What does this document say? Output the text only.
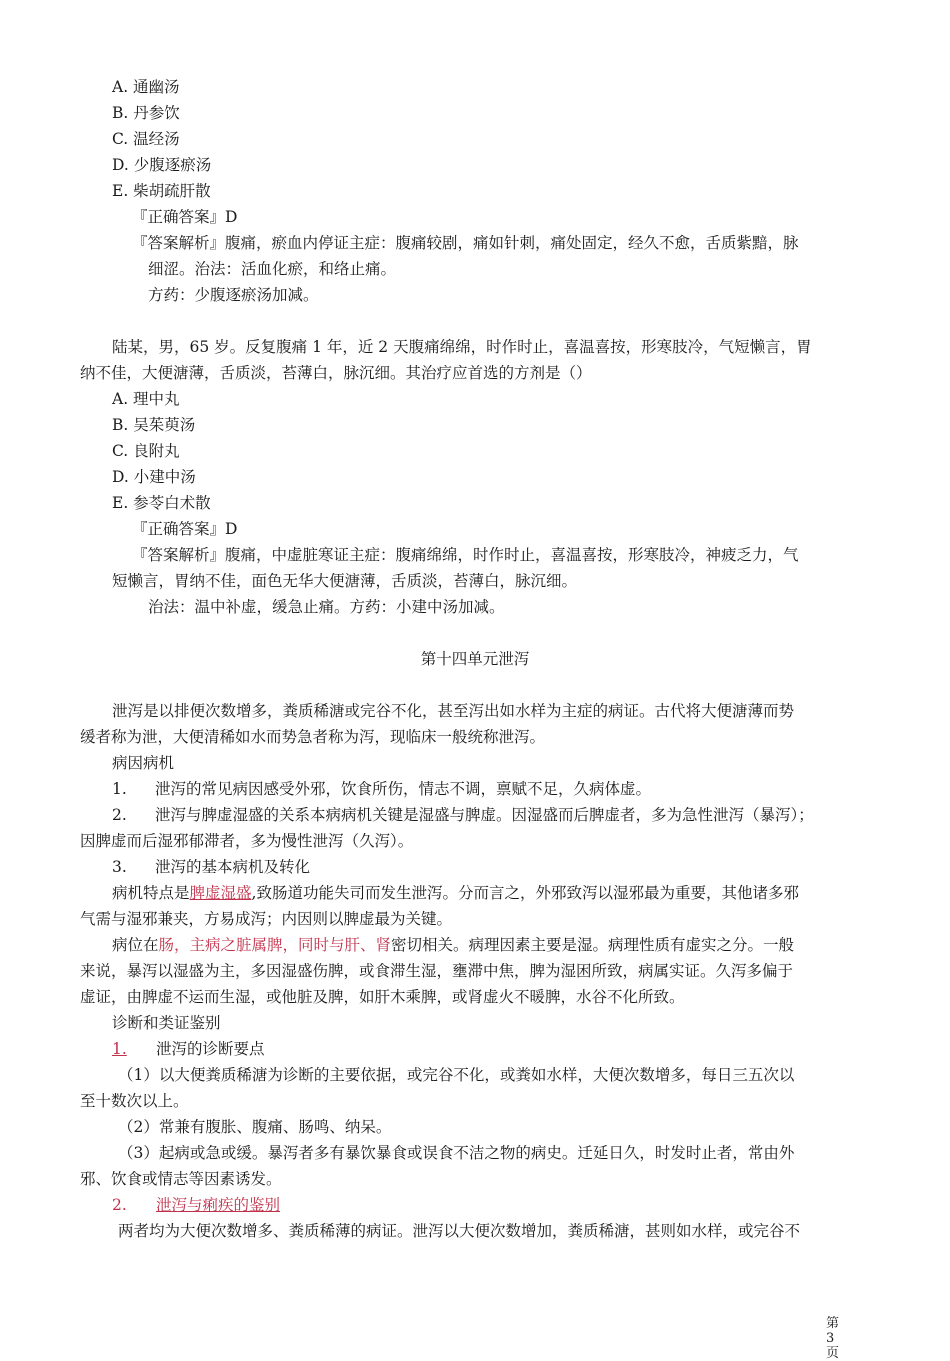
A. 通幽汤
B. 丹参饮
C. 温经汤
D. 少腹逐瘀汤
E. 柴胡疏肝散
『正确答案』D
『答案解析』腹痛，瘀血内停证主症：腹痛较剧，痛如针刺，痛处固定，经久不愈，舌质紫黯，脉
细涩。治法：活血化瘀，和络止痛。
方药：少腹逐瘀汤加减。
陆某，男，65 岁。反复腹痛 1 年，近 2 天腹痛绵绵，时作时止，喜温喜按，形寒肢冷，气短懒言，胃
纳不佳，大便溏薄，舌质淡，苔薄白，脉沉细。其治疗应首选的方剂是（）
A. 理中丸
B. 吴茱萸汤
C. 良附丸
D. 小建中汤
E. 参苓白术散
『正确答案』D
『答案解析』腹痛，中虚脏寒证主症：腹痛绵绵，时作时止，喜温喜按，形寒肢冷，神疲乏力，气
短懒言，胃纳不佳，面色无华大便溏薄，舌质淡，苔薄白，脉沉细。
治法：温中补虚，缓急止痛。方药：小建中汤加减。
第十四单元泄泻
泄泻是以排便次数增多，粪质稀溏或完谷不化，甚至泻出如水样为主症的病证。古代将大便溏薄而势
缓者称为泄，大便清稀如水而势急者称为泻，现临床一般统称泄泻。
病因病机
1. 泄泻的常见病因感受外邪，饮食所伤，情志不调，禀赋不足，久病体虚。
2. 泄泻与脾虚湿盛的关系本病病机关键是湿盛与脾虚。因湿盛而后脾虚者，多为急性泄泻（暴泻）；
因脾虚而后湿邪郁滞者，多为慢性泄泻（久泻）。
3. 泄泻的基本病机及转化
病机特点是脾虚湿盛,致肠道功能失司而发生泄泻。分而言之，外邪致泻以湿邪最为重要，其他诸多邪
气需与湿邪兼夹，方易成泻；内因则以脾虚最为关键。
病位在肠，主病之脏属脾，同时与肝、肾密切相关。病理因素主要是湿。病理性质有虚实之分。一般
来说，暴泻以湿盛为主，多因湿盛伤脾，或食滞生湿，壅滞中焦，脾为湿困所致，病属实证。久泻多偏于
虚证，由脾虚不运而生湿，或他脏及脾，如肝木乘脾，或肾虚火不暖脾，水谷不化所致。
诊断和类证鉴别
1.	泄泻的诊断要点
（1）以大便粪质稀溏为诊断的主要依据，或完谷不化，或粪如水样，大便次数增多，每日三五次以
至十数次以上。
（2）常兼有腹胀、腹痛、肠鸣、纳呆。
（3）起病或急或缓。暴泻者多有暴饮暴食或误食不洁之物的病史。迁延日久，时发时止者，常由外
邪、饮食或情志等因素诱发。
2. 泄泻与痢疾的鉴别
两者均为大便次数增多、粪质稀薄的病证。泄泻以大便次数增加，粪质稀溏，甚则如水样，或完谷不
第 3 页
